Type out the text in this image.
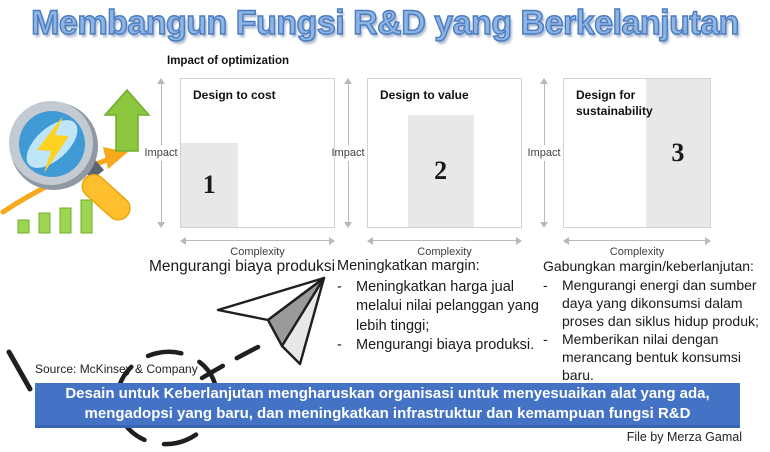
Membangun Fungsi R&D yang Berkelanjutan
Impact of optimization
Impact
Design to cost
1
Complexity
Impact
Design to value
2
Complexity
Impact
Design for sustainability
3
Complexity
Mengurangi biaya produksi Meningkatkan margin:
- Meningkatkan harga jual melalui nilai pelanggan yang lebih tinggi;
- Mengurangi biaya produksi.
Gabungkan margin/keberlanjutan:
-	Mengurangi energi dan sumber daya yang dikonsumsi dalam proses dan siklus hidup produk;
-	Memberikan nilai dengan merancang bentuk konsumsi baru.
Source: McKinsey & Company
Desain untuk Keberlanjutan mengharuskan organisasi untuk menyesuaikan alat yang ada, mengadopsi yang baru, dan meningkatkan infrastruktur dan kemampuan fungsi R&D
File by Merza Gamal
